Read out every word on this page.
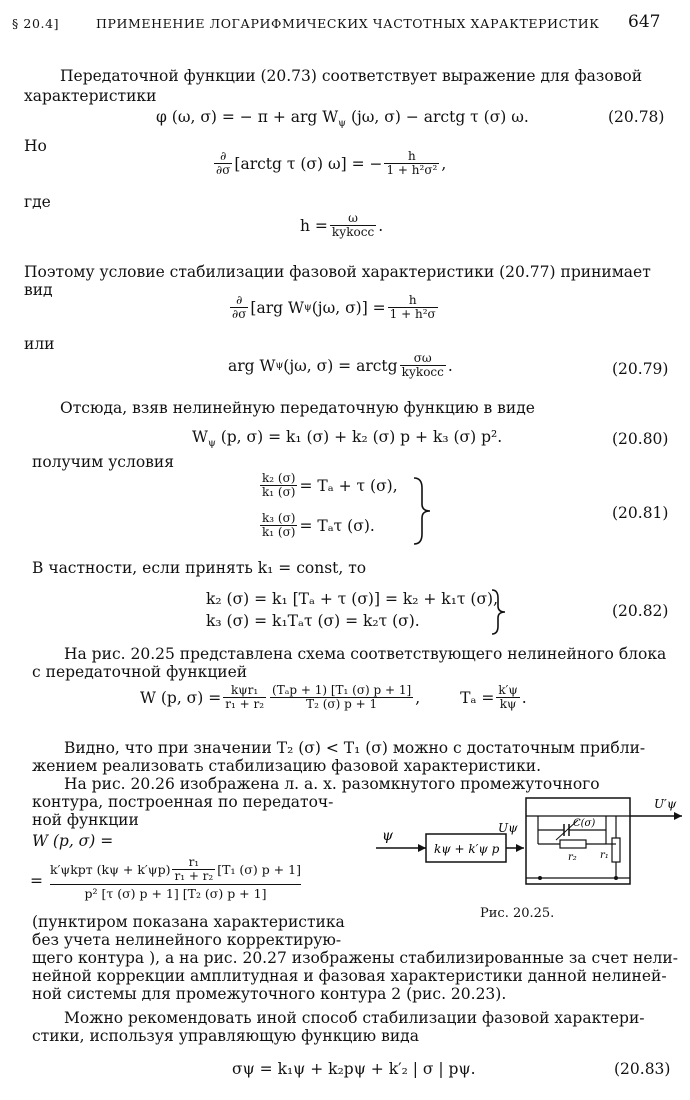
§ 20.4]	ПРИМЕНЕНИЕ ЛОГАРИФМИЧЕСКИХ ЧАСТОТНЫХ ХАРАКТЕРИСТИК 647
Передаточной функции (20.73) соответствует выражение для фазовой
характеристики
φ (ω, σ) = − π + arg $W_\psi$ (jω, σ) − arctg τ (σ) ω.	(20.78)
Но
$\frac{\partial}{\partial\sigma}$ [arctg τ (σ) ω] = − $\frac{h}{\text{1 + h²σ²}}$ ,
где
$h = \frac{\omega}{\text{kуkосc}}$ .
Поэтому условие стабилизации фазовой характеристики (20.77) принимает
вид
$\frac{\partial}{\partial\sigma} [arg$ W ψ (jω, $\sigma)] = \frac{h}{\text{1 + h²σ}}$
или
arg W ψ (jω, σ) = arctg $\frac{\sigma\omega}{\text{kуkосc}}$ .	(20.79)
Отсюда, взяв нелинейную передаточную функцию в виде
$W_\psi$ (p, σ) = k₁ (σ) + k₂ (σ) p + k₃ (σ) p².	(20.80)
получим условия
$\frac{\text{k₂ (σ)}}{\text{k₁ (σ)}} = T_a + \tau$ (σ),
$\frac{\text{k₃ (σ)}}{\text{k₁ (σ)}} = T_a\tau$ (σ).
(20.81)
В частности, если принять k₁ = const, то
k₂ (σ) = k₁ [Tₐ + τ (σ)] = k₂ + k₁τ (σ),
k₃ (σ) = k₁Tₐτ (σ) = k₂τ (σ).
(20.82)
На рис. 20.25 представлена схема соответствующего нелинейного блока
с передаточной функцией
W (p, $\sigma) = \frac{\text{kψr₁}}{\text{r₁ + r₂}} \frac{\text{(Tₐp + 1) [T₁ (σ) p + 1]}}{\text{T₂ (σ) p + 1}}$ ,	$T_a = \frac{k'\psi}{k\psi}$ .
Видно, что при значении T₂ (σ) < T₁ (σ) можно с достаточным прибли-
жением реализовать стабилизацию фазовой характеристики.
На рис. 20.26 изображена л. а. х. разомкнутого промежуточного
контура, построенная по передаточ-
ной функции
W (p, σ) =
=
k′ψkрт $(k\psi + k'\psi p) \frac{\text{r₁}}{\text{r₁ + r₂}} [T_1$ (σ) p + 1]
p² [τ (σ) p + 1] [T₂ (σ) p + 1]
(пунктиром показана характеристика
без учета нелинейного корректирую-
щего контура ), а на рис. 20.27 изображены стабилизированные за счет нели-
нейной коррекции амплитудная и фазовая характеристики данной нелиней-
ной системы для промежуточного контура 2 (рис. 20.23).
Можно рекомендовать иной способ стабилизации фазовой характери-
стики, используя управляющую функцию вида
σψ = k₁ψ + k₂pψ + k′₂ | σ | pψ.	(20.83)
ψ
kψ + k′ψ p
Uψ	C(σ)
r₂ r₁
U′ψ
Рис. 20.25.
